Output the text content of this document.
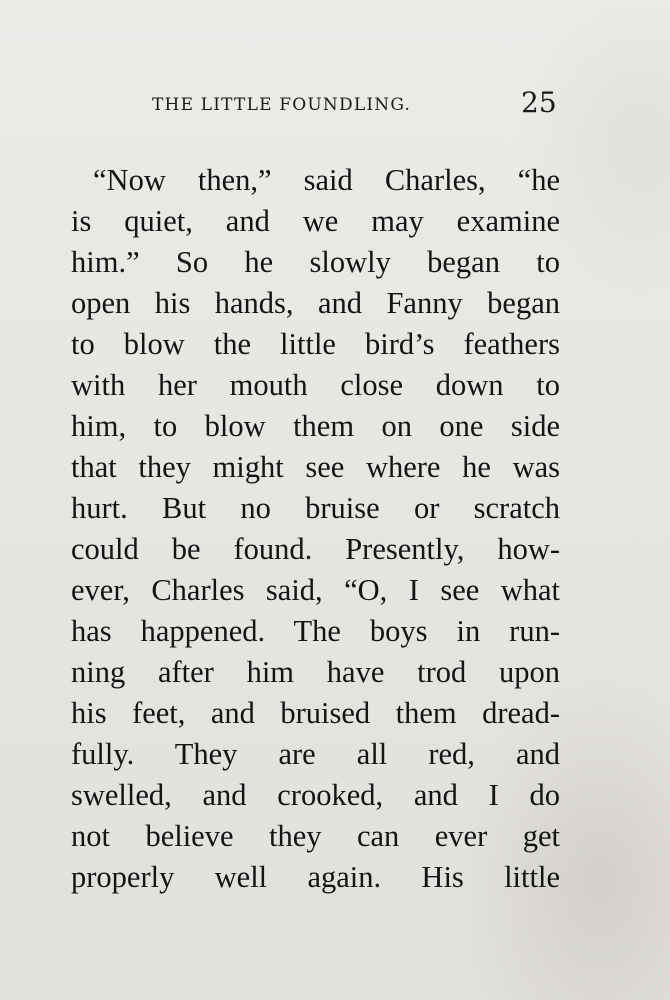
THE LITTLE FOUNDLING.	25
“Now then,” said Charles, “he
is quiet, and we may examine
him.” So he slowly began to
open his hands, and Fanny began
to blow the little bird’s feathers
with her mouth close down to
him, to blow them on one side
that they might see where he was
hurt. But no bruise or scratch
could be found. Presently, how-
ever, Charles said, “O, I see what
has happened. The boys in run-
ning after him have trod upon
his feet, and bruised them dread-
fully. They are all red, and
swelled, and crooked, and I do
not believe they can ever get
properly well again. His little
